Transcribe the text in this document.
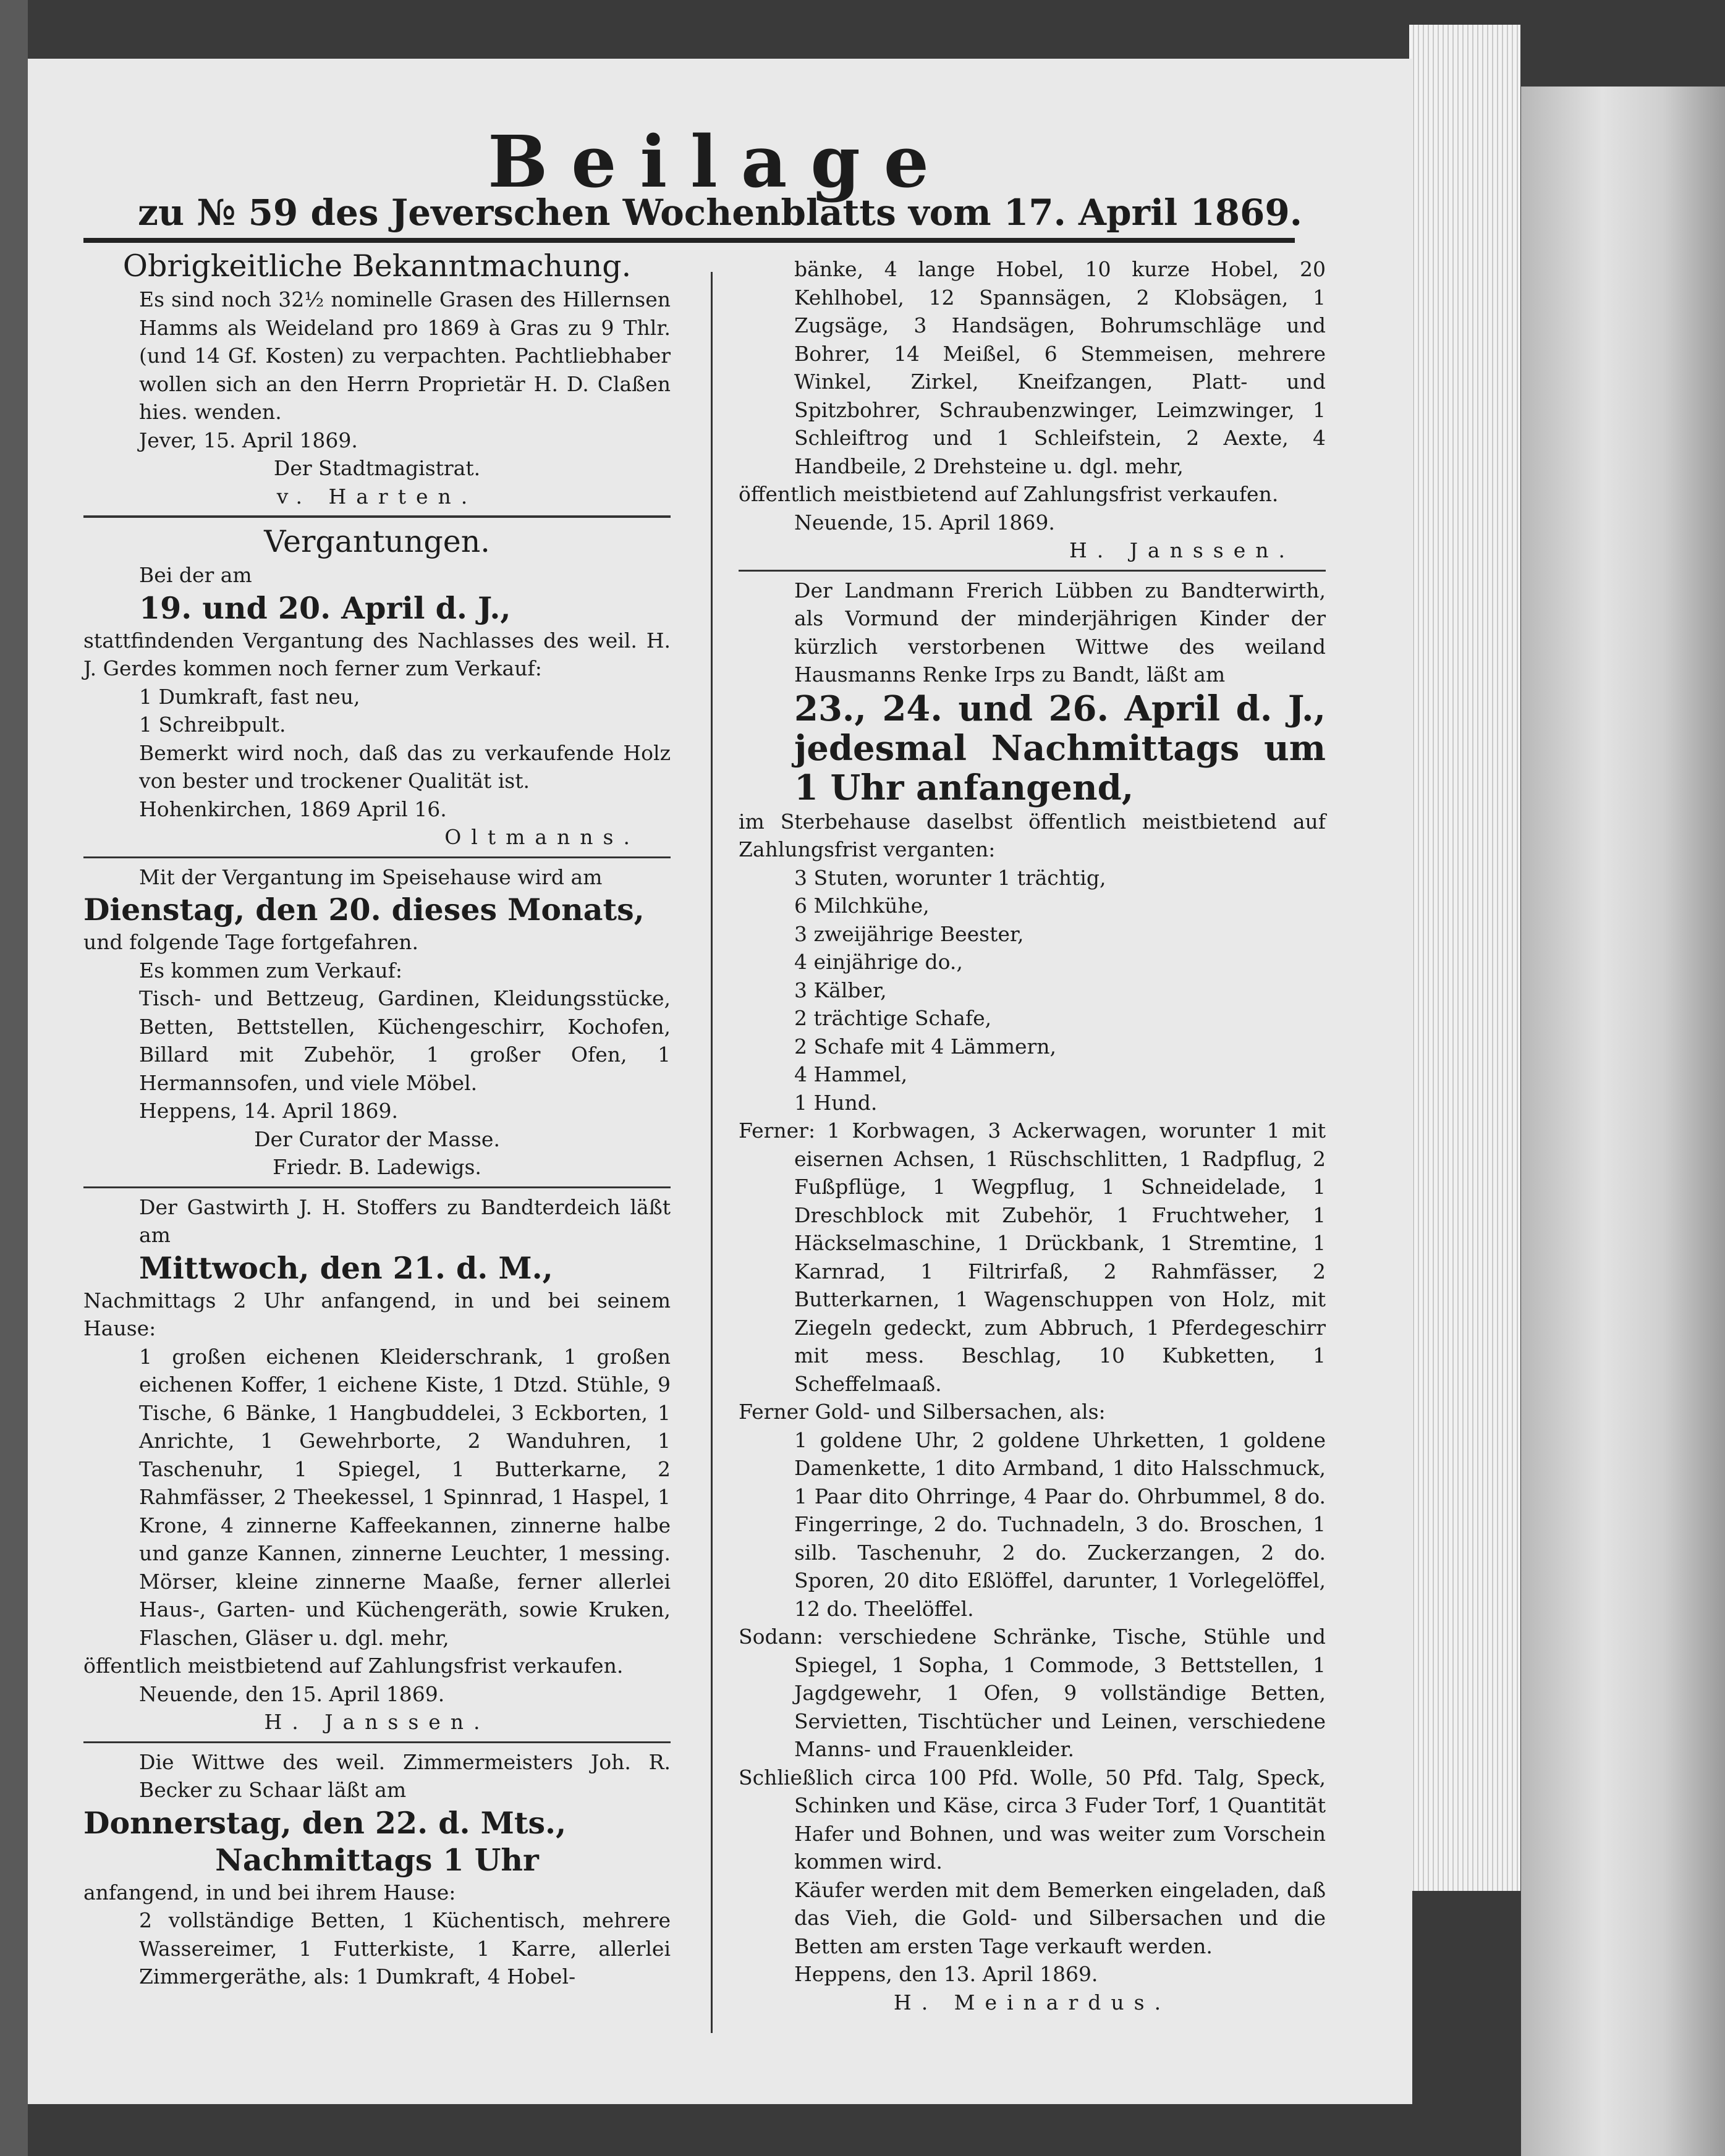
Beilage
zu № 59 des Jeverschen Wochenblatts vom 17. April 1869.

Obrigkeitliche Bekanntmachung.

Es sind noch 32½ nominelle Grasen des Hillernsen Hamms als Weideland pro 1869 à Gras zu 9 Thlr. (und 14 Gf. Kosten) zu verpachten. Pachtliebhaber wollen sich an den Herrn Proprietär H. D. Claßen hies. wenden.

Jever, 15. April 1869.

Der Stadtmagistrat.

v. Harten.

Vergantungen.

Bei der am

19. und 20. April d. J.,

stattfindenden Vergantung des Nachlasses des weil. H. J. Gerdes kommen noch ferner zum Verkauf:

1 Dumkraft, fast neu,

1 Schreibpult.

Bemerkt wird noch, daß das zu verkaufende Holz von bester und trockener Qualität ist.

Hohenkirchen, 1869 April 16.

Oltmanns.

Mit der Vergantung im Speisehause wird am

Dienstag, den 20. dieses Monats,

und folgende Tage fortgefahren.

Es kommen zum Verkauf:

Tisch- und Bettzeug, Gardinen, Kleidungsstücke, Betten, Bettstellen, Küchengeschirr, Kochofen, Billard mit Zubehör, 1 großer Ofen, 1 Hermannsofen, und viele Möbel.

Heppens, 14. April 1869.

Der Curator der Masse.

Friedr. B. Ladewigs.

Der Gastwirth J. H. Stoffers zu Bandterdeich läßt am

Mittwoch, den 21. d. M.,

Nachmittags 2 Uhr anfangend, in und bei seinem Hause:

1 großen eichenen Kleiderschrank, 1 großen eichenen Koffer, 1 eichene Kiste, 1 Dtzd. Stühle, 9 Tische, 6 Bänke, 1 Hangbuddelei, 3 Eckborten, 1 Anrichte, 1 Gewehrborte, 2 Wanduhren, 1 Taschenuhr, 1 Spiegel, 1 Butterkarne, 2 Rahmfässer, 2 Theekessel, 1 Spinnrad, 1 Haspel, 1 Krone, 4 zinnerne Kaffeekannen, zinnerne halbe und ganze Kannen, zinnerne Leuchter, 1 messing. Mörser, kleine zinnerne Maaße, ferner allerlei Haus-, Garten- und Küchengeräth, sowie Kruken, Flaschen, Gläser u. dgl. mehr,

öffentlich meistbietend auf Zahlungsfrist verkaufen.

Neuende, den 15. April 1869.

H. Janssen.

Die Wittwe des weil. Zimmermeisters Joh. R. Becker zu Schaar läßt am

Donnerstag, den 22. d. Mts.,

Nachmittags 1 Uhr

anfangend, in und bei ihrem Hause:

2 vollständige Betten, 1 Küchentisch, mehrere Wassereimer, 1 Futterkiste, 1 Karre, allerlei Zimmergeräthe, als: 1 Dumkraft, 4 Hobel-

bänke, 4 lange Hobel, 10 kurze Hobel, 20 Kehlhobel, 12 Spannsägen, 2 Klobsägen, 1 Zugsäge, 3 Handsägen, Bohrumschläge und Bohrer, 14 Meißel, 6 Stemmeisen, mehrere Winkel, Zirkel, Kneifzangen, Platt- und Spitzbohrer, Schraubenzwinger, Leimzwinger, 1 Schleiftrog und 1 Schleifstein, 2 Aexte, 4 Handbeile, 2 Drehsteine u. dgl. mehr,

öffentlich meistbietend auf Zahlungsfrist verkaufen.

Neuende, 15. April 1869.

H. Janssen.

Der Landmann Frerich Lübben zu Bandterwirth, als Vormund der minderjährigen Kinder der kürzlich verstorbenen Wittwe des weiland Hausmanns Renke Irps zu Bandt, läßt am

23., 24. und 26. April d. J., jedesmal Nachmittags um 1 Uhr anfangend,

im Sterbehause daselbst öffentlich meistbietend auf Zahlungsfrist verganten:

3 Stuten, worunter 1 trächtig,

6 Milchkühe,

3 zweijährige Beester,

4 einjährige do.,

3 Kälber,

2 trächtige Schafe,

2 Schafe mit 4 Lämmern,

4 Hammel,

1 Hund.

Ferner: 1 Korbwagen, 3 Ackerwagen, worunter 1 mit eisernen Achsen, 1 Rüschschlitten, 1 Radpflug, 2 Fußpflüge, 1 Wegpflug, 1 Schneidelade, 1 Dreschblock mit Zubehör, 1 Fruchtweher, 1 Häckselmaschine, 1 Drückbank, 1 Stremtine, 1 Karnrad, 1 Filtrirfaß, 2 Rahmfässer, 2 Butterkarnen, 1 Wagenschuppen von Holz, mit Ziegeln gedeckt, zum Abbruch, 1 Pferdegeschirr mit mess. Beschlag, 10 Kubketten, 1 Scheffelmaaß.

Ferner Gold- und Silbersachen, als:

1 goldene Uhr, 2 goldene Uhrketten, 1 goldene Damenkette, 1 dito Armband, 1 dito Halsschmuck, 1 Paar dito Ohrringe, 4 Paar do. Ohrbummel, 8 do. Fingerringe, 2 do. Tuchnadeln, 3 do. Broschen, 1 silb. Taschenuhr, 2 do. Zuckerzangen, 2 do. Sporen, 20 dito Eßlöffel, darunter, 1 Vorlegelöffel, 12 do. Theelöffel.

Sodann: verschiedene Schränke, Tische, Stühle und Spiegel, 1 Sopha, 1 Commode, 3 Bettstellen, 1 Jagdgewehr, 1 Ofen, 9 vollständige Betten, Servietten, Tischtücher und Leinen, verschiedene Manns- und Frauenkleider.

Schließlich circa 100 Pfd. Wolle, 50 Pfd. Talg, Speck, Schinken und Käse, circa 3 Fuder Torf, 1 Quantität Hafer und Bohnen, und was weiter zum Vorschein kommen wird.

Käufer werden mit dem Bemerken eingeladen, daß das Vieh, die Gold- und Silbersachen und die Betten am ersten Tage verkauft werden.

Heppens, den 13. April 1869.

H. Meinardus.
